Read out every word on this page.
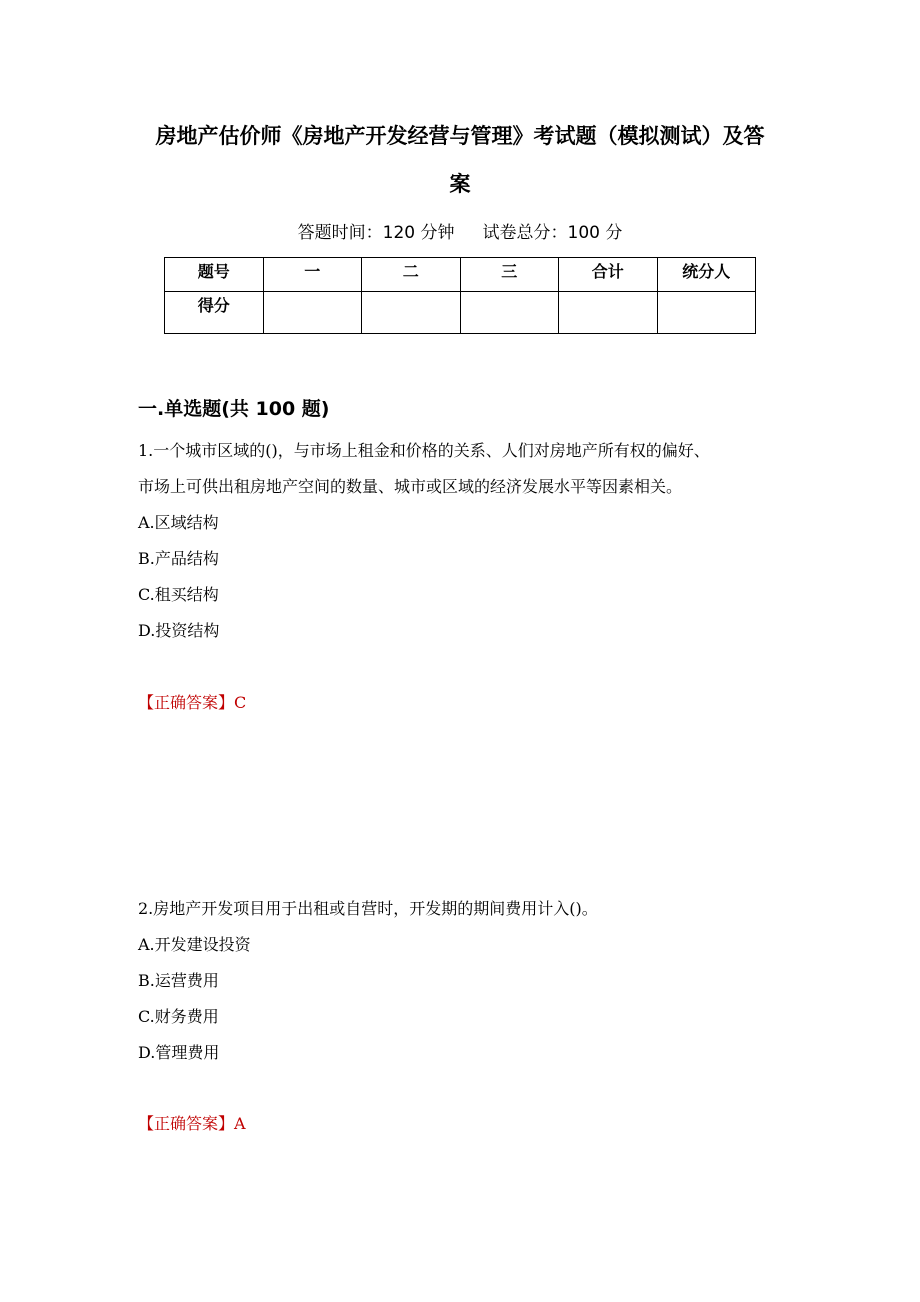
房地产估价师《房地产开发经营与管理》考试题（模拟测试）及答
案
答题时间：120 分钟 试卷总分：100 分
题号	一	二	三	合计	统分人
得分					
一.单选题(共 100 题)
1.一个城市区域的()，与市场上租金和价格的关系、人们对房地产所有权的偏好、
市场上可供出租房地产空间的数量、城市或区域的经济发展水平等因素相关。
A.区域结构
B.产品结构
C.租买结构
D.投资结构
【正确答案】C
2.房地产开发项目用于出租或自营时，开发期的期间费用计入()。
A.开发建设投资
B.运营费用
C.财务费用
D.管理费用
【正确答案】A
